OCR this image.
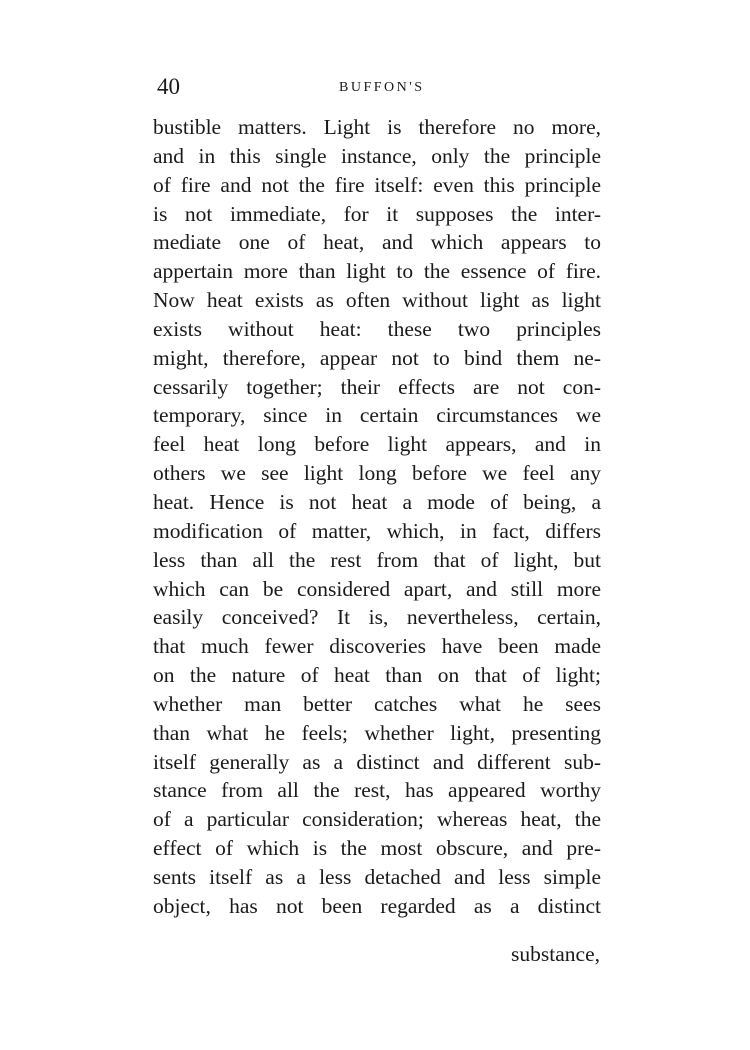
40	BUFFON'S
bustible matters. Light is therefore no more,
and in this single instance, only the principle
of fire and not the fire itself: even this principle
is not immediate, for it supposes the inter-
mediate one of heat, and which appears to
appertain more than light to the essence of fire.
Now heat exists as often without light as light
exists without heat: these two principles
might, therefore, appear not to bind them ne-
cessarily together; their effects are not con-
temporary, since in certain circumstances we
feel heat long before light appears, and in
others we see light long before we feel any
heat. Hence is not heat a mode of being, a
modification of matter, which, in fact, differs
less than all the rest from that of light, but
which can be considered apart, and still more
easily conceived? It is, nevertheless, certain,
that much fewer discoveries have been made
on the nature of heat than on that of light;
whether man better catches what he sees
than what he feels; whether light, presenting
itself generally as a distinct and different sub-
stance from all the rest, has appeared worthy
of a particular consideration; whereas heat, the
effect of which is the most obscure, and pre-
sents itself as a less detached and less simple
object, has not been regarded as a distinct
substance,
